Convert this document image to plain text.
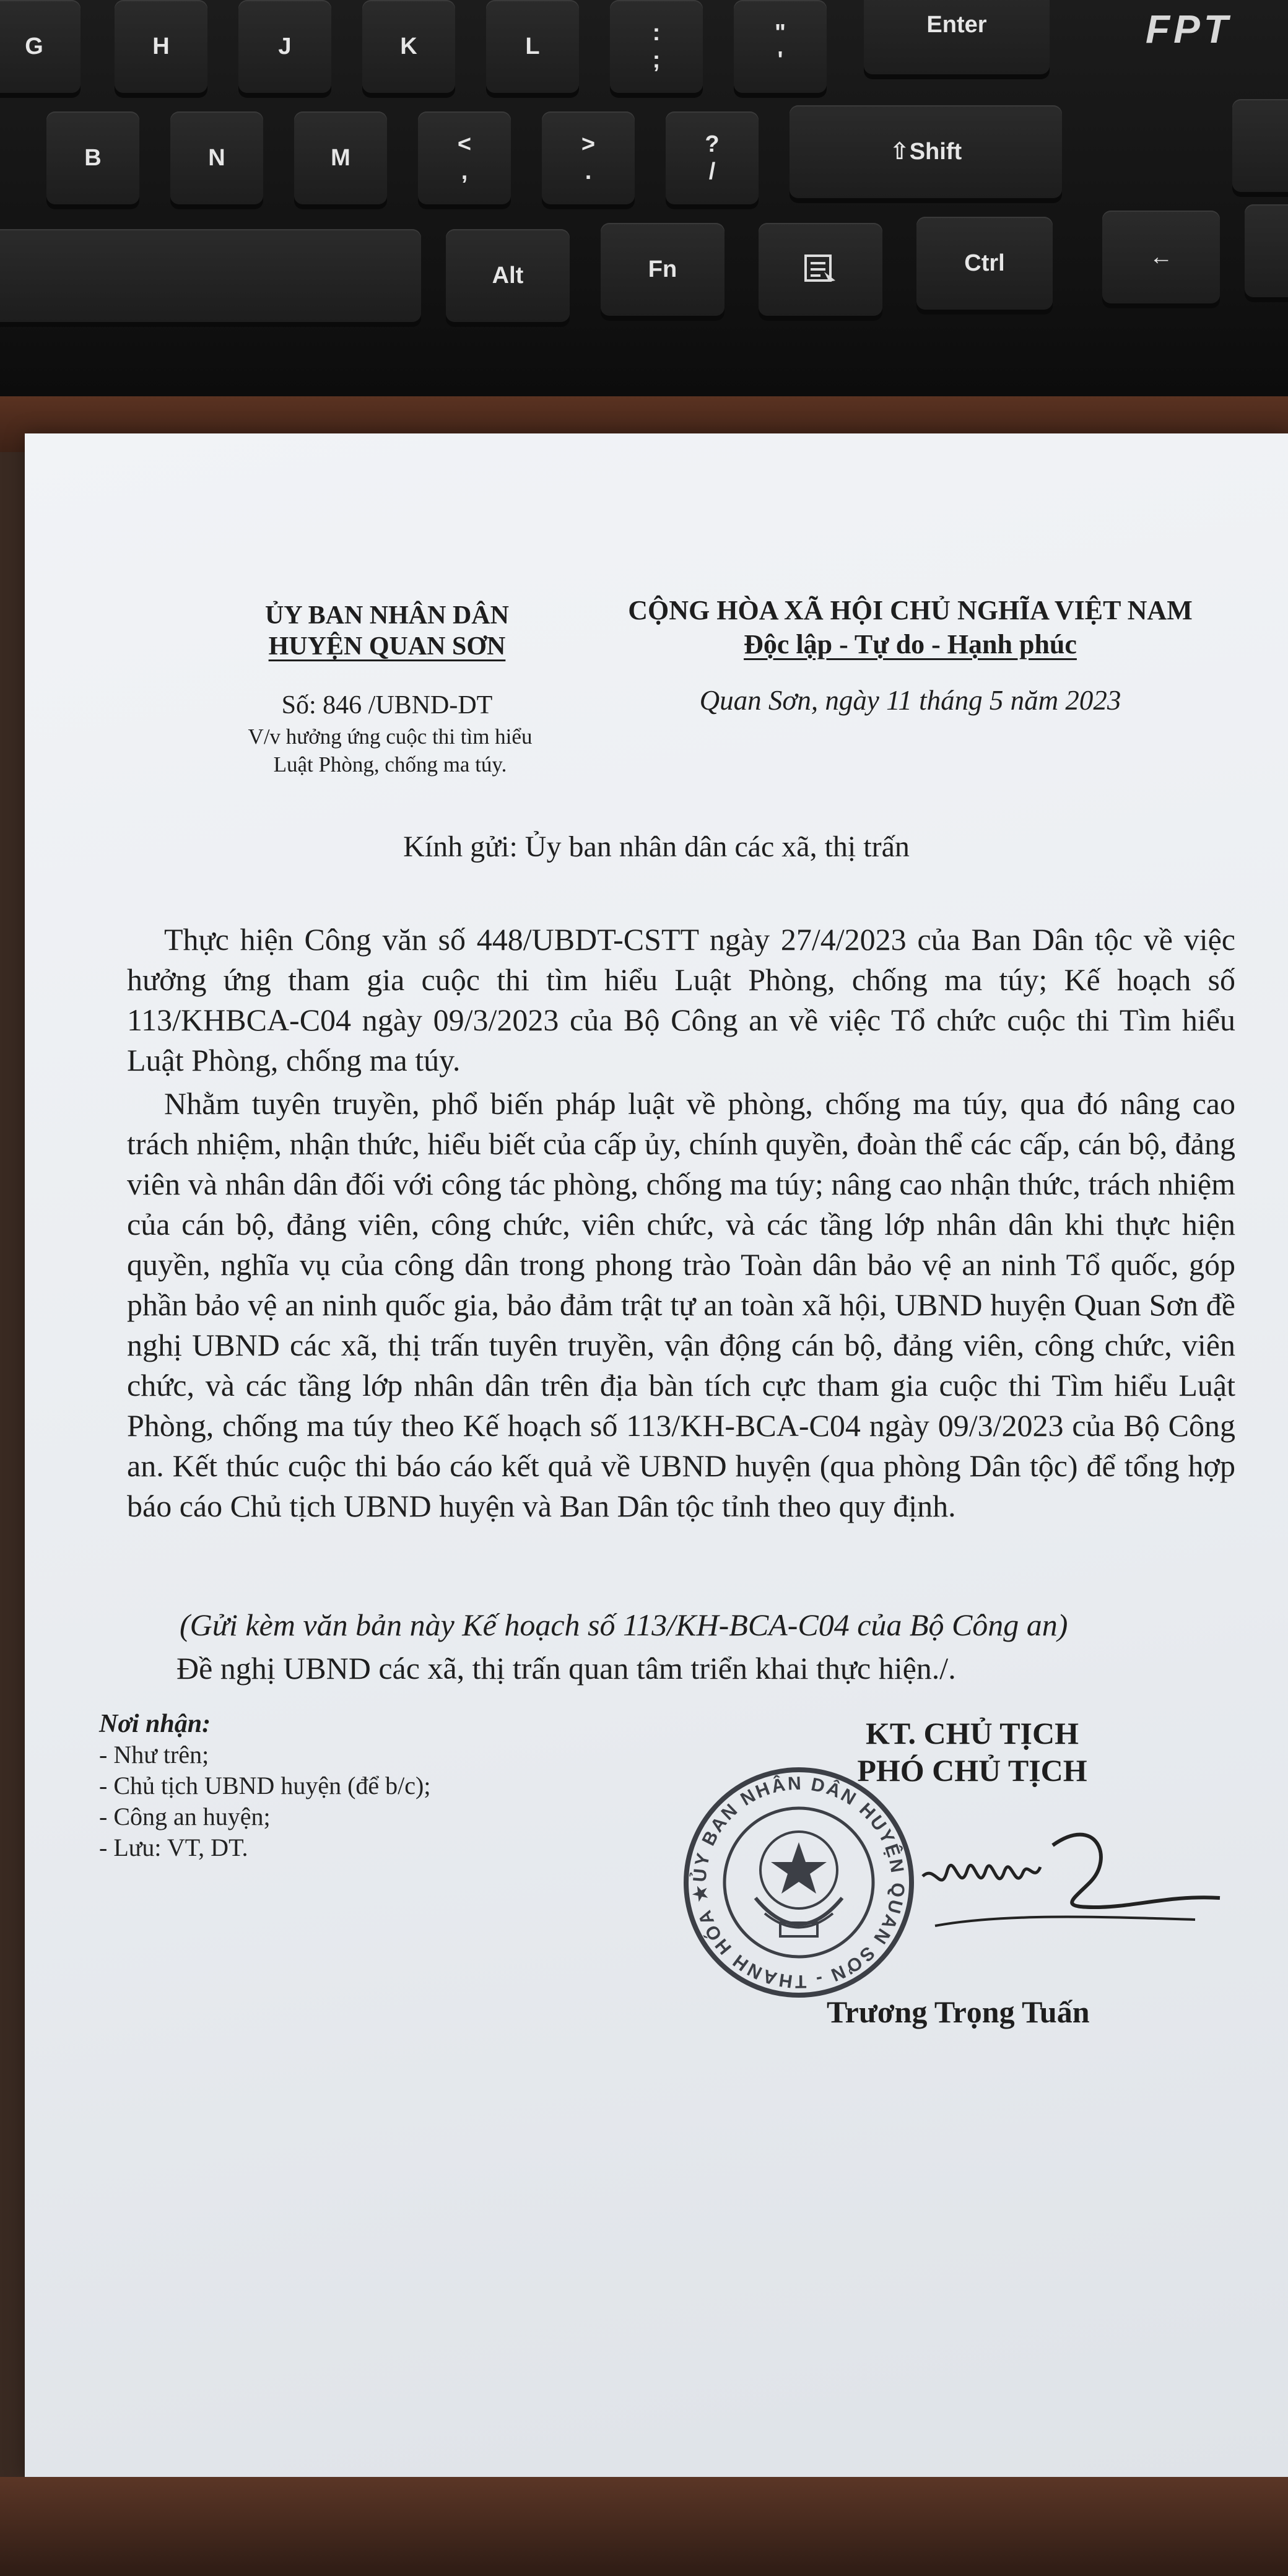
G	H	J	K	L
:
;
"
'
Enter	FPT
B	N	M
<
,
>
.
?
/
⇧Shift
Alt	Fn	Ctrl	←
ỦY BAN NHÂN DÂN
HUYỆN QUAN SƠN
Số: 846 /UBND-DT
V/v hưởng ứng cuộc thi tìm hiểu
Luật Phòng, chống ma túy.
CỘNG HÒA XÃ HỘI CHỦ NGHĨA VIỆT NAM
Độc lập - Tự do - Hạnh phúc
Quan Sơn, ngày 11 tháng 5 năm 2023
Kính gửi: Ủy ban nhân dân các xã, thị trấn
Thực hiện Công văn số 448/UBDT-CSTT ngày 27/4/2023 của Ban Dân tộc về việc hưởng ứng tham gia cuộc thi tìm hiểu Luật Phòng, chống ma túy; Kế hoạch số 113/KHBCA-C04 ngày 09/3/2023 của Bộ Công an về việc Tổ chức cuộc thi Tìm hiểu Luật Phòng, chống ma túy.
Nhằm tuyên truyền, phổ biến pháp luật về phòng, chống ma túy, qua đó nâng cao trách nhiệm, nhận thức, hiểu biết của cấp ủy, chính quyền, đoàn thể các cấp, cán bộ, đảng viên và nhân dân đối với công tác phòng, chống ma túy; nâng cao nhận thức, trách nhiệm của cán bộ, đảng viên, công chức, viên chức, và các tầng lớp nhân dân khi thực hiện quyền, nghĩa vụ của công dân trong phong trào Toàn dân bảo vệ an ninh Tổ quốc, góp phần bảo vệ an ninh quốc gia, bảo đảm trật tự an toàn xã hội, UBND huyện Quan Sơn đề nghị UBND các xã, thị trấn tuyên truyền, vận động cán bộ, đảng viên, công chức, viên chức, và các tầng lớp nhân dân trên địa bàn tích cực tham gia cuộc thi Tìm hiểu Luật Phòng, chống ma túy theo Kế hoạch số 113/KH-BCA-C04 ngày 09/3/2023 của Bộ Công an. Kết thúc cuộc thi báo cáo kết quả về UBND huyện (qua phòng Dân tộc) để tổng hợp báo cáo Chủ tịch UBND huyện và Ban Dân tộc tỉnh theo quy định.
(Gửi kèm văn bản này Kế hoạch số 113/KH-BCA-C04 của Bộ Công an)
Đề nghị UBND các xã, thị trấn quan tâm triển khai thực hiện./.
Nơi nhận:
- Như trên;
- Chủ tịch UBND huyện (để b/c);
- Công an huyện;
- Lưu: VT, DT.
KT. CHỦ TỊCH
PHÓ CHỦ TỊCH
Trương Trọng Tuấn
ỦY BAN NHÂN DÂN HUYỆN QUAN SƠN - THANH HÓA ★
